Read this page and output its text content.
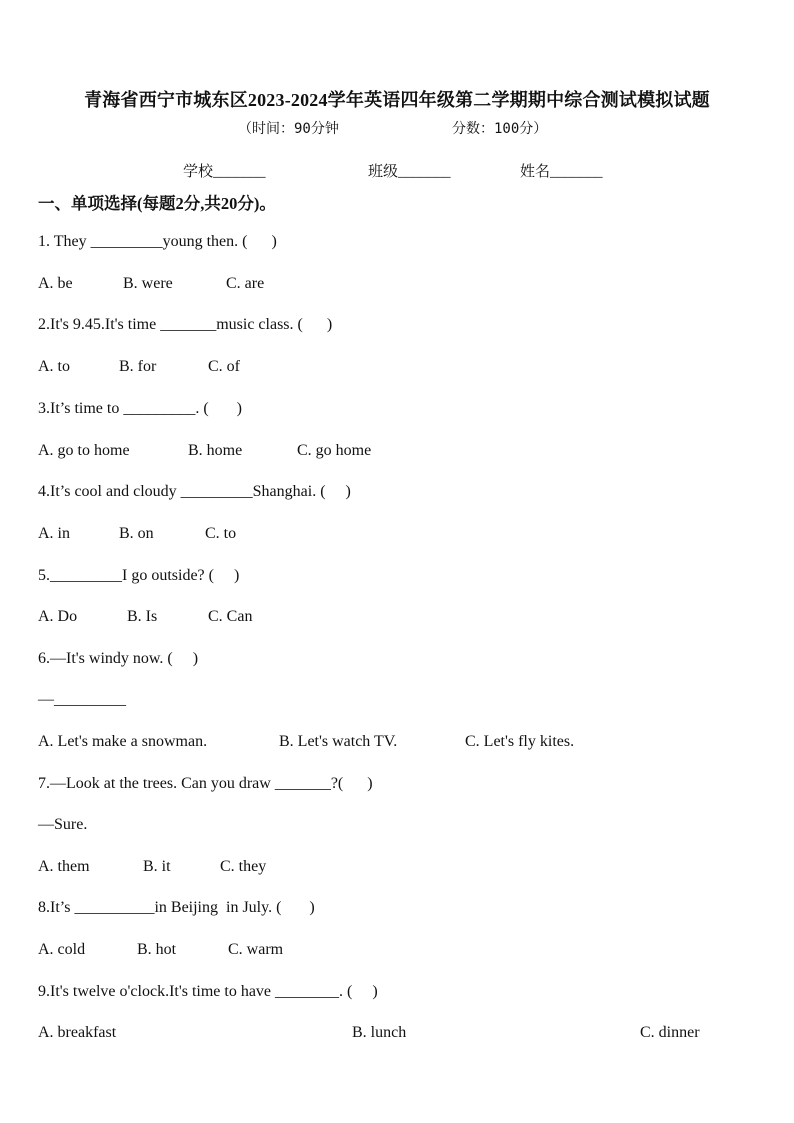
青海省西宁市城东区2023-2024学年英语四年级第二学期期中综合测试模拟试题
（时间：90分钟	分数：100分）
学校_______	班级_______	姓名_______
一、单项选择(每题2分,共20分)。
1. They _________young then. (      )
A. be	B. were	C. are
2.It's 9.45.It's time _______music class. (      )
A. to	B. for	C. of
3.It’s time to _________. (       )
A. go to home	B. home	C. go home
4.It’s cool and cloudy _________Shanghai. (     )
A. in	B. on	C. to
5._________I go outside? (     )
A. Do	B. Is	C. Can
6.—It's windy now. (     )
—_________
A. Let's make a snowman.	B. Let's watch TV.	C. Let's fly kites.
7.—Look at the trees. Can you draw _______?(      )
—Sure.
A. them	B. it	C. they
8.It’s __________in Beijing  in July. (       )
A. cold	B. hot	C. warm
9.It's twelve o'clock.It's time to have ________. (     )
A. breakfast	B. lunch	C. dinner
